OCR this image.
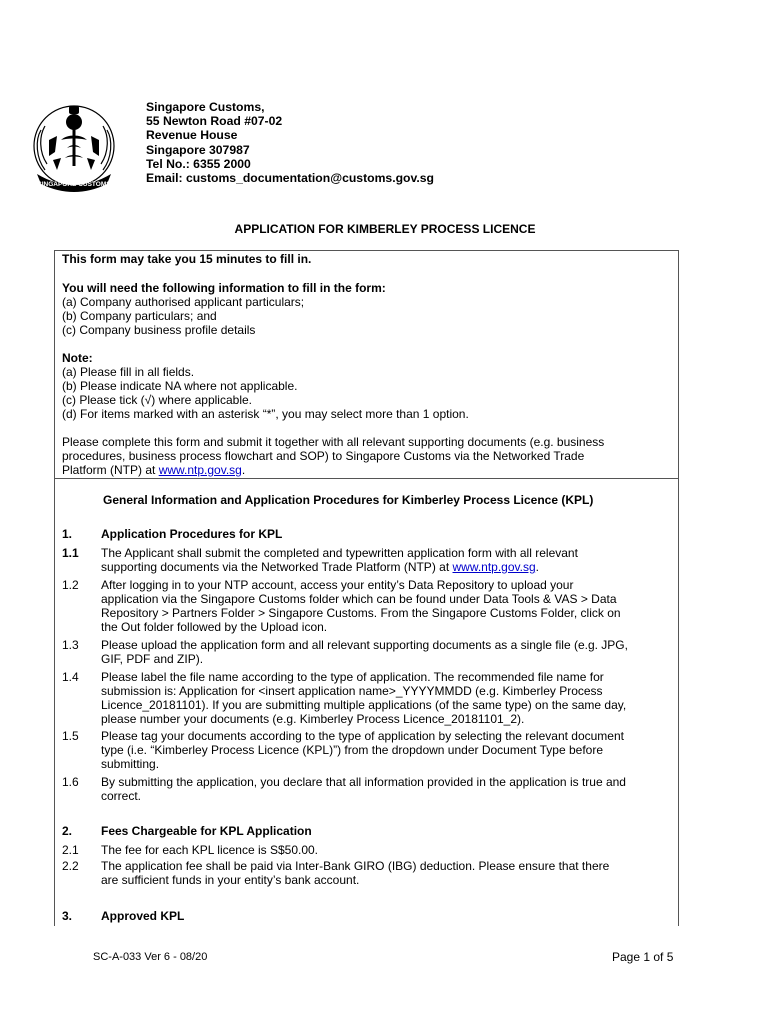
SINGAPORE CUSTOMS
Singapore Customs,
55 Newton Road #07-02
Revenue House
Singapore 307987
Tel No.: 6355 2000
Email: customs_documentation@customs.gov.sg
APPLICATION FOR KIMBERLEY PROCESS LICENCE
This form may take you 15 minutes to fill in.
You will need the following information to fill in the form:
(a) Company authorised applicant particulars;
(b) Company particulars; and
(c) Company business profile details
Note:
(a) Please fill in all fields.
(b) Please indicate NA where not applicable.
(c) Please tick (√) where applicable.
(d) For items marked with an asterisk “*”, you may select more than 1 option.
Please complete this form and submit it together with all relevant supporting documents (e.g. business
procedures, business process flowchart and SOP) to Singapore Customs via the Networked Trade
Platform (NTP) at www.ntp.gov.sg.
General Information and Application Procedures for Kimberley Process Licence (KPL)
1. Application Procedures for KPL
1.1 The Applicant shall submit the completed and typewritten application form with all relevant
supporting documents via the Networked Trade Platform (NTP) at www.ntp.gov.sg.
1.2 After logging in to your NTP account, access your entity’s Data Repository to upload your
application via the Singapore Customs folder which can be found under Data Tools & VAS > Data
Repository > Partners Folder > Singapore Customs. From the Singapore Customs Folder, click on
the Out folder followed by the Upload icon.
1.3 Please upload the application form and all relevant supporting documents as a single file (e.g. JPG,
GIF, PDF and ZIP).
1.4 Please label the file name according to the type of application. The recommended file name for
submission is: Application for <insert application name>_YYYYMMDD (e.g. Kimberley Process
Licence_20181101). If you are submitting multiple applications (of the same type) on the same day,
please number your documents (e.g. Kimberley Process Licence_20181101_2).
1.5 Please tag your documents according to the type of application by selecting the relevant document
type (i.e. “Kimberley Process Licence (KPL)”) from the dropdown under Document Type before
submitting.
1.6 By submitting the application, you declare that all information provided in the application is true and
correct.
2. Fees Chargeable for KPL Application
2.1 The fee for each KPL licence is S$50.00.
2.2 The application fee shall be paid via Inter-Bank GIRO (IBG) deduction. Please ensure that there
are sufficient funds in your entity’s bank account.
3. Approved KPL
SC-A-033 Ver 6 - 08/20	Page 1 of 5
